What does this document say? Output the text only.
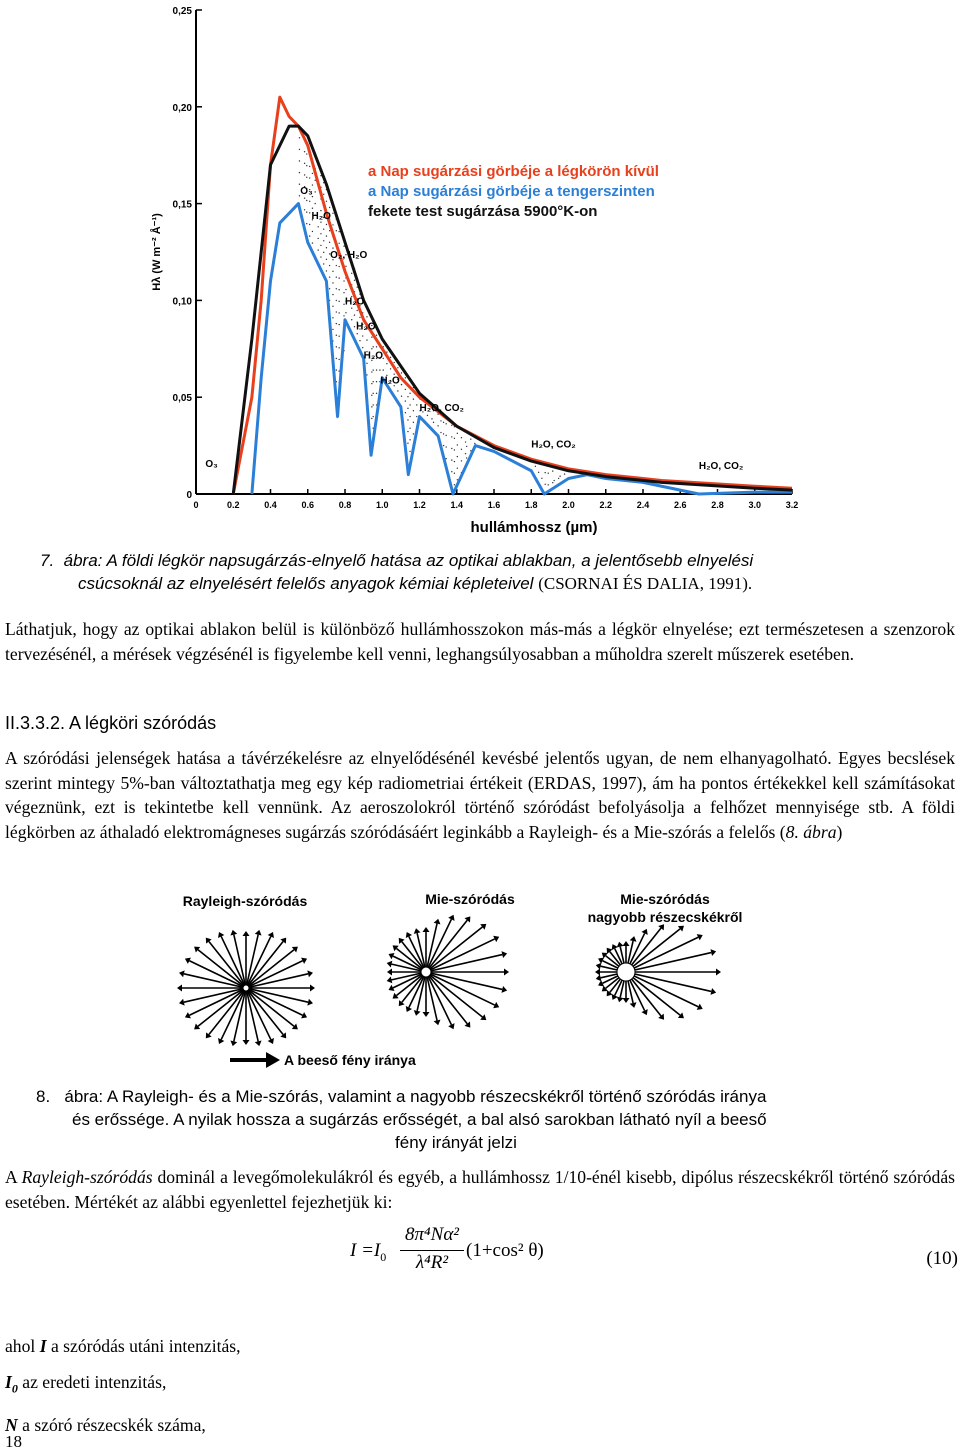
0
0,05
0,10
0,15
0,20
0,25
0	0.2	0.4	0.6	0.8	1.0	1.2	1.4	1.6	1.8	2.0	2.2	2.4	2.6	2.8	3.0	3.2
hullámhossz (µm)
Hλ (W m⁻² Å⁻¹)
O₃
H₂O
O₂, H₂O
H₂O
H₂O
H₂O
H₂O
H₂O, CO₂
H₂O, CO₂
H₂O, CO₂
O₃
a Nap sugárzási görbéje a légkörön kívül
a Nap sugárzási görbéje a tengerszinten
fekete test sugárzása 5900°K-on
7. ábra: A földi légkör napsugárzás-elnyelő hatása az optikai ablakban, a jelentősebb elnyelési
csúcsoknál az elnyelésért felelős anyagok kémiai képleteivel (CSORNAI ÉS DALIA, 1991).
Láthatjuk, hogy az optikai ablakon belül is különböző hullámhosszokon más-más a légkör elnyelése; ezt természetesen a szenzorok tervezésénél, a mérések végzésénél is figyelembe kell venni, leghangsúlyosabban a műholdra szerelt műszerek esetében.
II.3.3.2. A légköri szóródás
A szóródási jelenségek hatása a távérzékelésre az elnyelődésénél kevésbé jelentős ugyan, de nem elhanyagolható. Egyes becslések szerint mintegy 5%-ban változtathatja meg egy kép radiometriai értékeit (ERDAS, 1997), ám ha pontos értékekkel kell számításokat végeznünk, ezt is tekintetbe kell vennünk. Az aeroszolokról történő szóródást befolyásolja a felhőzet mennyisége stb. A földi légkörben az áthaladó elektromágneses sugárzás szóródásáért leginkább a Rayleigh- és a Mie-szórás a felelős (8. ábra)
Rayleigh-szóródás	Mie-szóródás	Mie-szóródás
nagyobb részecskékről
A beeső fény iránya
8. ábra: A Rayleigh- és a Mie-szórás, valamint a nagyobb részecskékről történő szóródás iránya
és erőssége. A nyilak hossza a sugárzás erősségét, a bal alsó sarokban látható nyíl a beeső
fény irányát jelzi
A Rayleigh-szóródás dominál a levegőmolekulákról és egyéb, a hullámhossz 1/10-énél kisebb, dipólus részecskékről történő szóródás esetében. Mértékét az alábbi egyenlettel fejezhetjük ki:
$I =I_0$
8π⁴Nα²
λ⁴R²
(1+cos² θ)	(10)
ahol I a szóródás utáni intenzitás,
$I_0$ az eredeti intenzitás,
N a szóró részecskék száma,
18
